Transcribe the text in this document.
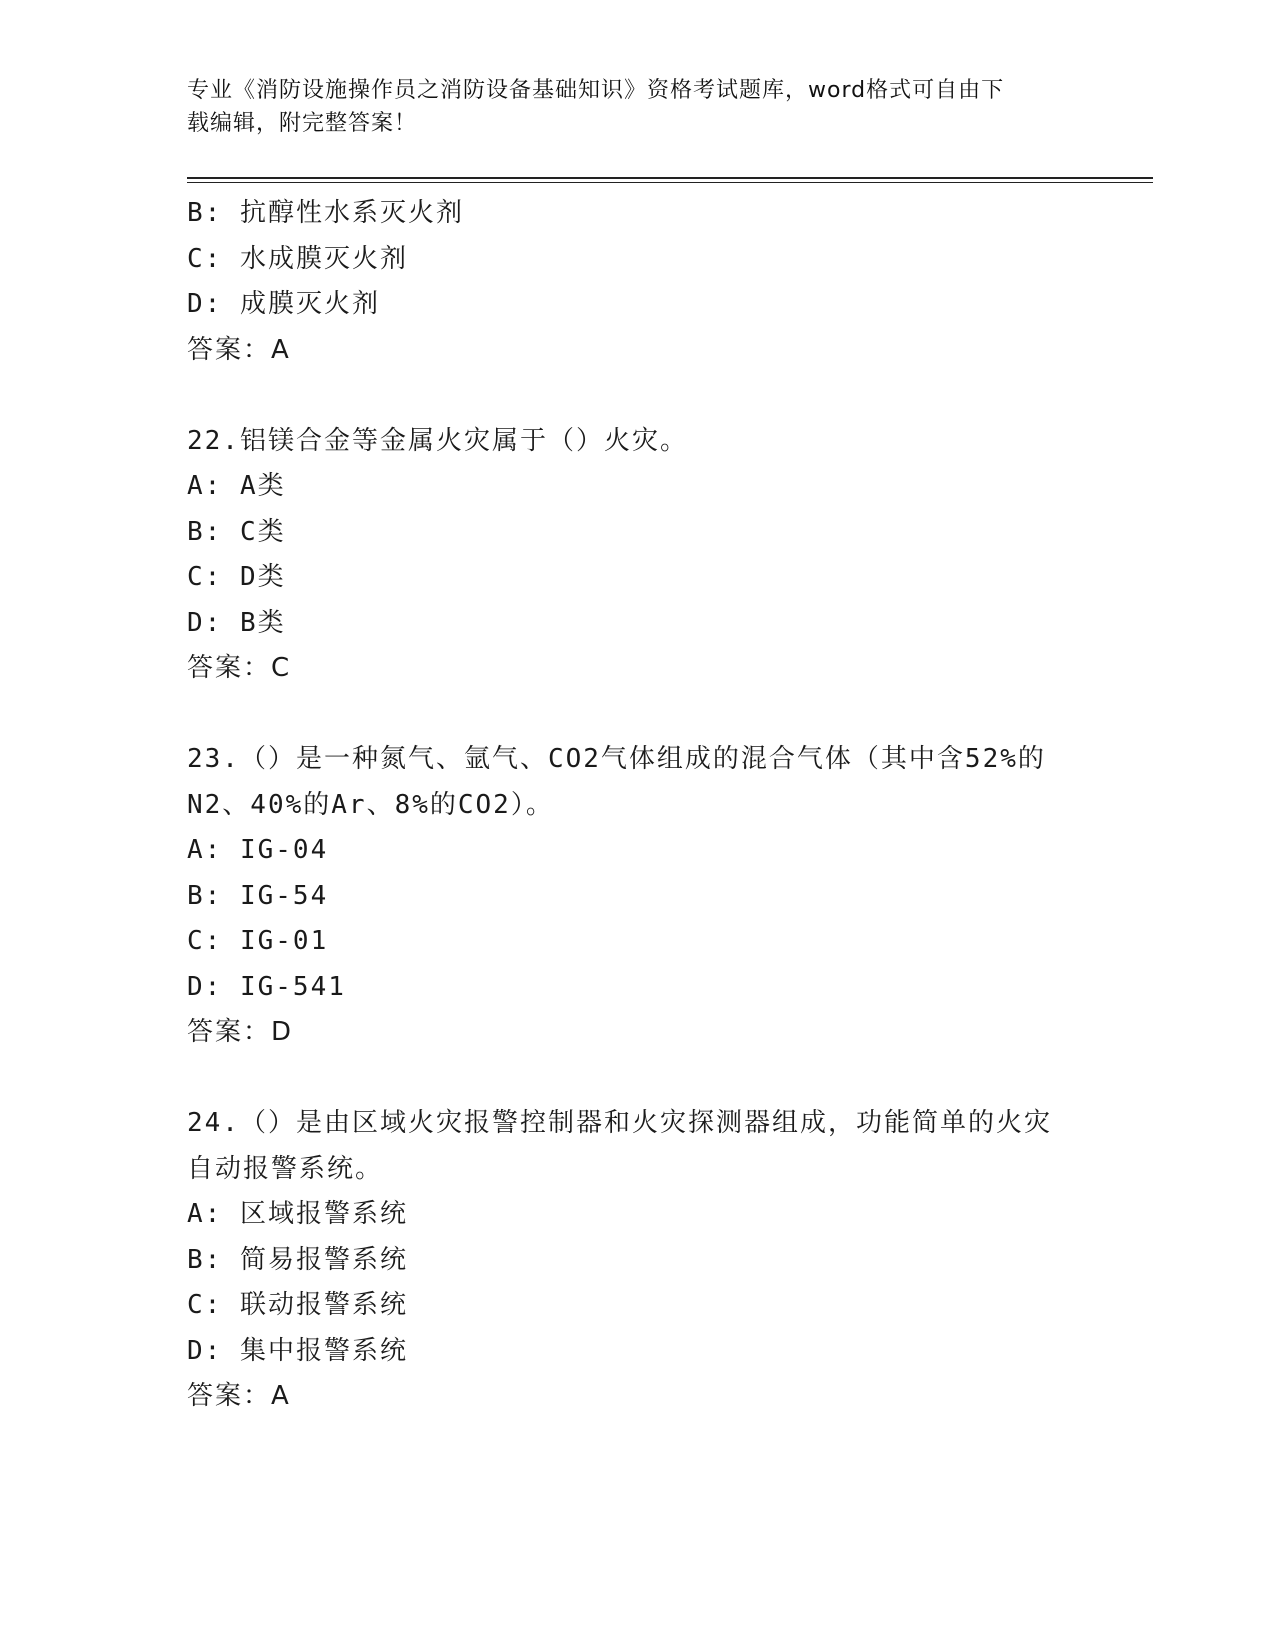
专业《消防设施操作员之消防设备基础知识》资格考试题库，word格式可自由下
载编辑，附完整答案！
B: 抗醇性水系灭火剂
C: 水成膜灭火剂
D: 成膜灭火剂
答案：A
22.铝镁合金等金属火灾属于（）火灾。
A: A类
B: C类
C: D类
D: B类
答案：C
23.（）是一种氮气、氩气、CO2气体组成的混合气体（其中含52%的
N2、40%的Ar、8%的CO2）。
A: IG-04
B: IG-54
C: IG-01
D: IG-541
答案：D
24.（）是由区域火灾报警控制器和火灾探测器组成，功能简单的火灾
自动报警系统。
A: 区域报警系统
B: 简易报警系统
C: 联动报警系统
D: 集中报警系统
答案：A
